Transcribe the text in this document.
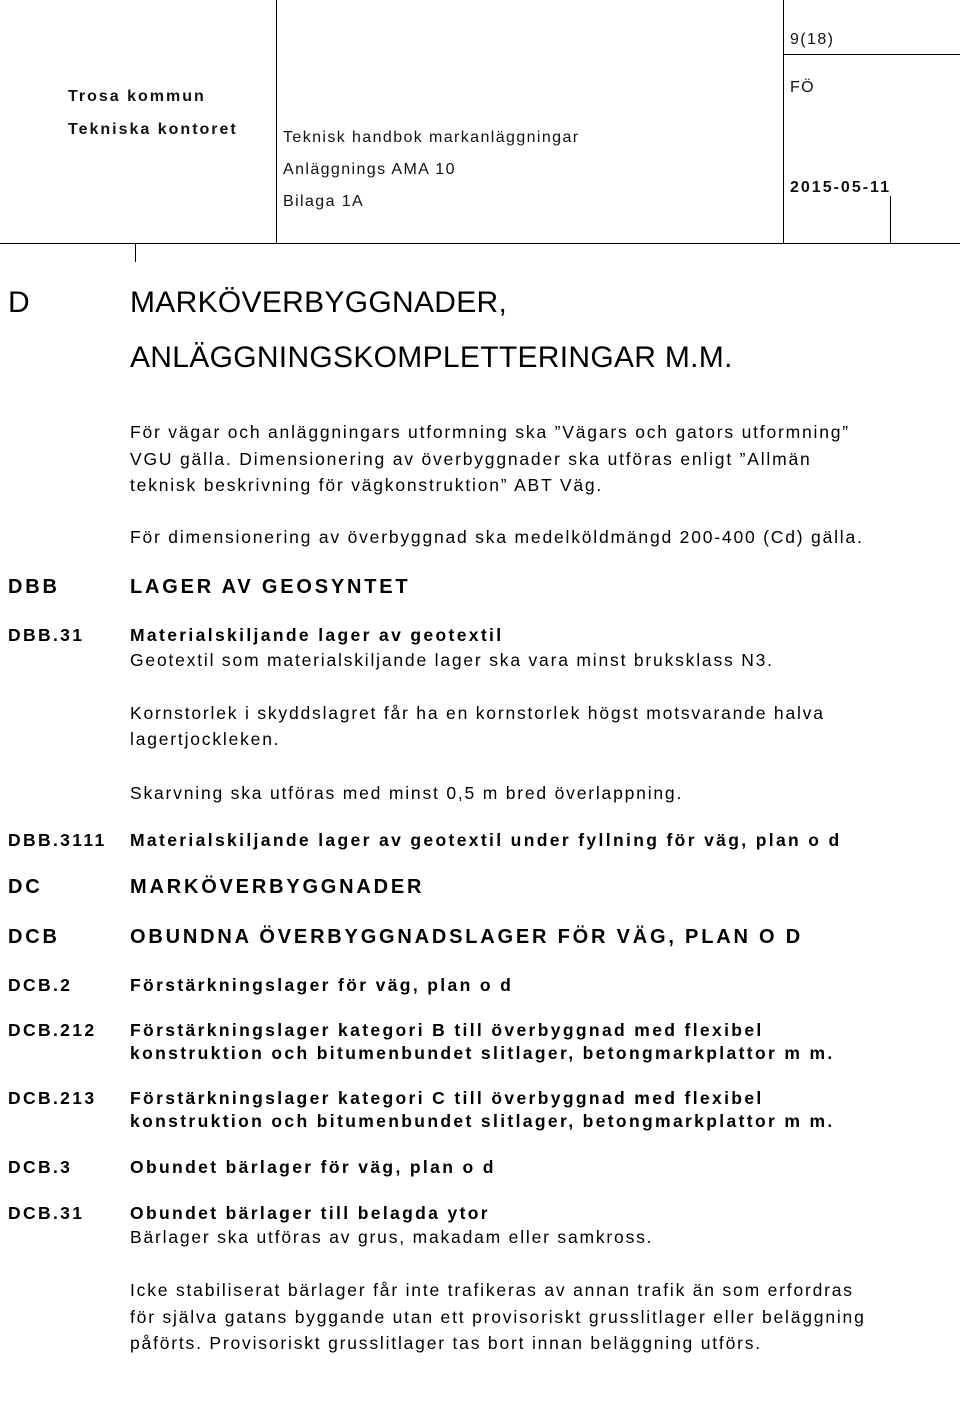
9(18)
Trosa kommun
FÖ
Tekniska kontoret	Teknisk handbok markanläggningar
Anläggnings AMA 10
2015-05-11
Bilaga 1A
D	MARKÖVERBYGGNADER,
ANLÄGGNINGSKOMPLETTERINGAR M.M.
För vägar och anläggningars utformning ska ”Vägars och gators utformning”
VGU gälla. Dimensionering av överbyggnader ska utföras enligt ”Allmän
teknisk beskrivning för vägkonstruktion” ABT Väg.
För dimensionering av överbyggnad ska medelköldmängd 200-400 (Cd) gälla.
DBB	LAGER AV GEOSYNTET
DBB.31	Materialskiljande lager av geotextil
Geotextil som materialskiljande lager ska vara minst bruksklass N3.
Kornstorlek i skyddslagret får ha en kornstorlek högst motsvarande halva
lagertjockleken.
Skarvning ska utföras med minst 0,5 m bred överlappning.
DBB.3111 Materialskiljande lager av geotextil under fyllning för väg, plan o d
DC	MARKÖVERBYGGNADER
DCB	OBUNDNA ÖVERBYGGNADSLAGER FÖR VÄG, PLAN O D
DCB.2	Förstärkningslager för väg, plan o d
DCB.212 Förstärkningslager kategori B till överbyggnad med flexibel
konstruktion och bitumenbundet slitlager, betongmarkplattor m m.
DCB.213 Förstärkningslager kategori C till överbyggnad med flexibel
konstruktion och bitumenbundet slitlager, betongmarkplattor m m.
DCB.3	Obundet bärlager för väg, plan o d
DCB.31	Obundet bärlager till belagda ytor
Bärlager ska utföras av grus, makadam eller samkross.
Icke stabiliserat bärlager får inte trafikeras av annan trafik än som erfordras
för själva gatans byggande utan ett provisoriskt grusslitlager eller beläggning
påförts. Provisoriskt grusslitlager tas bort innan beläggning utförs.
